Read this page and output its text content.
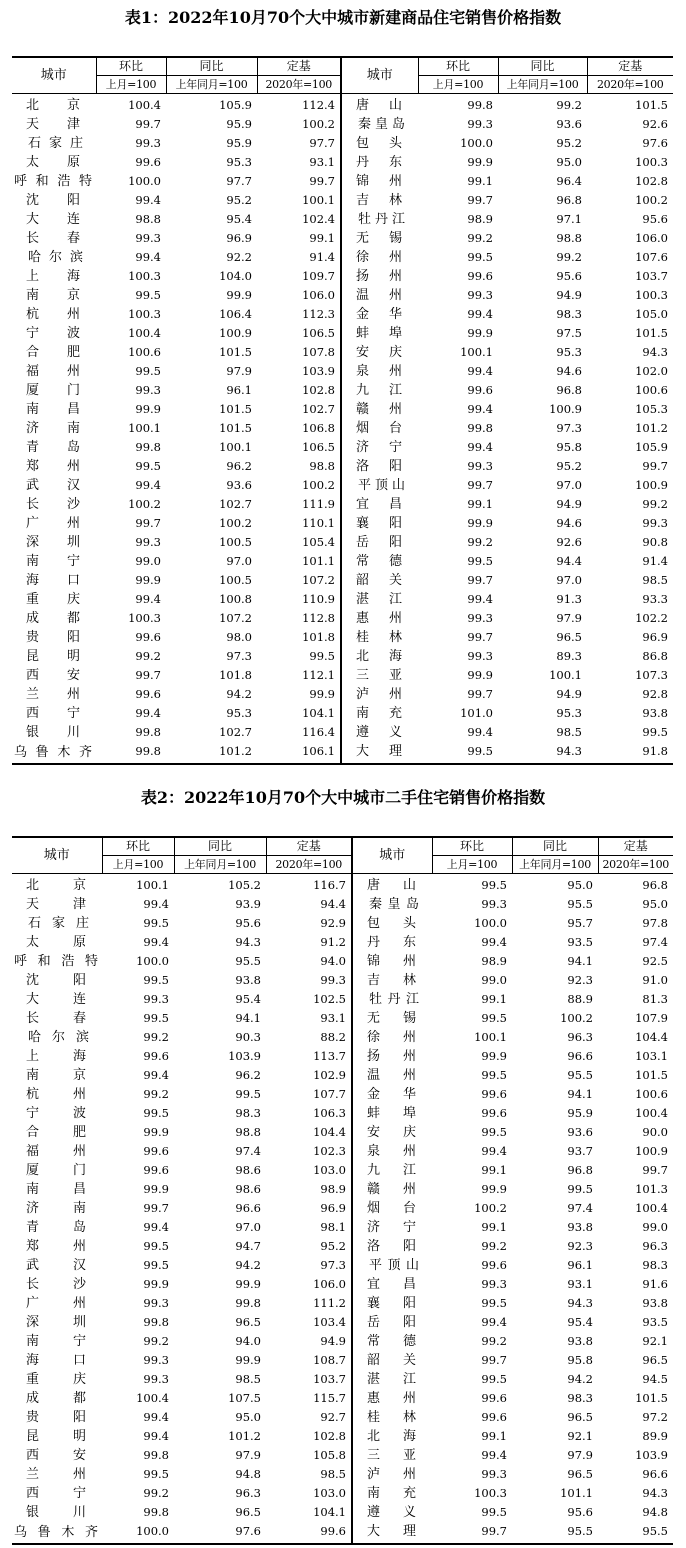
表1：2022年10月70个大中城市新建商品住宅销售价格指数
城市	环比	同比	定基	城市	环比	同比	定基
	上月=100	上年同月=100	2020年=100		上月=100	上年同月=100	2020年=100
北京	100.4	105.9	112.4	唐山	99.8	99.2	101.5
天津	99.7	95.9	100.2	秦皇岛	99.3	93.6	92.6
石家庄	99.3	95.9	97.7	包头	100.0	95.2	97.6
太原	99.6	95.3	93.1	丹东	99.9	95.0	100.3
呼和浩特	100.0	97.7	99.7	锦州	99.1	96.4	102.8
沈阳	99.4	95.2	100.1	吉林	99.7	96.8	100.2
大连	98.8	95.4	102.4	牡丹江	98.9	97.1	95.6
长春	99.3	96.9	99.1	无锡	99.2	98.8	106.0
哈尔滨	99.4	92.2	91.4	徐州	99.5	99.2	107.6
上海	100.3	104.0	109.7	扬州	99.6	95.6	103.7
南京	99.5	99.9	106.0	温州	99.3	94.9	100.3
杭州	100.3	106.4	112.3	金华	99.4	98.3	105.0
宁波	100.4	100.9	106.5	蚌埠	99.9	97.5	101.5
合肥	100.6	101.5	107.8	安庆	100.1	95.3	94.3
福州	99.5	97.9	103.9	泉州	99.4	94.6	102.0
厦门	99.3	96.1	102.8	九江	99.6	96.8	100.6
南昌	99.9	101.5	102.7	赣州	99.4	100.9	105.3
济南	100.1	101.5	106.8	烟台	99.8	97.3	101.2
青岛	99.8	100.1	106.5	济宁	99.4	95.8	105.9
郑州	99.5	96.2	98.8	洛阳	99.3	95.2	99.7
武汉	99.4	93.6	100.2	平顶山	99.7	97.0	100.9
长沙	100.2	102.7	111.9	宜昌	99.1	94.9	99.2
广州	99.7	100.2	110.1	襄阳	99.9	94.6	99.3
深圳	99.3	100.5	105.4	岳阳	99.2	92.6	90.8
南宁	99.0	97.0	101.1	常德	99.5	94.4	91.4
海口	99.9	100.5	107.2	韶关	99.7	97.0	98.5
重庆	99.4	100.8	110.9	湛江	99.4	91.3	93.3
成都	100.3	107.2	112.8	惠州	99.3	97.9	102.2
贵阳	99.6	98.0	101.8	桂林	99.7	96.5	96.9
昆明	99.2	97.3	99.5	北海	99.3	89.3	86.8
西安	99.7	101.8	112.1	三亚	99.9	100.1	107.3
兰州	99.6	94.2	99.9	泸州	99.7	94.9	92.8
西宁	99.4	95.3	104.1	南充	101.0	95.3	93.8
银川	99.8	102.7	116.4	遵义	99.4	98.5	99.5
乌鲁木齐	99.8	101.2	106.1	大理	99.5	94.3	91.8
表2：2022年10月70个大中城市二手住宅销售价格指数
城市	环比	同比	定基	城市	环比	同比	定基
	上月=100	上年同月=100	2020年=100		上月=100	上年同月=100	2020年=100
北京	100.1	105.2	116.7	唐山	99.5	95.0	96.8
天津	99.4	93.9	94.4	秦皇岛	99.3	95.5	95.0
石家庄	99.5	95.6	92.9	包头	100.0	95.7	97.8
太原	99.4	94.3	91.2	丹东	99.4	93.5	97.4
呼和浩特	100.0	95.5	94.0	锦州	98.9	94.1	92.5
沈阳	99.5	93.8	99.3	吉林	99.0	92.3	91.0
大连	99.3	95.4	102.5	牡丹江	99.1	88.9	81.3
长春	99.5	94.1	93.1	无锡	99.5	100.2	107.9
哈尔滨	99.2	90.3	88.2	徐州	100.1	96.3	104.4
上海	99.6	103.9	113.7	扬州	99.9	96.6	103.1
南京	99.4	96.2	102.9	温州	99.5	95.5	101.5
杭州	99.2	99.5	107.7	金华	99.6	94.1	100.6
宁波	99.5	98.3	106.3	蚌埠	99.6	95.9	100.4
合肥	99.9	98.8	104.4	安庆	99.5	93.6	90.0
福州	99.6	97.4	102.3	泉州	99.4	93.7	100.9
厦门	99.6	98.6	103.0	九江	99.1	96.8	99.7
南昌	99.9	98.6	98.9	赣州	99.9	99.5	101.3
济南	99.7	96.6	96.9	烟台	100.2	97.4	100.4
青岛	99.4	97.0	98.1	济宁	99.1	93.8	99.0
郑州	99.5	94.7	95.2	洛阳	99.2	92.3	96.3
武汉	99.5	94.2	97.3	平顶山	99.6	96.1	98.3
长沙	99.9	99.9	106.0	宜昌	99.3	93.1	91.6
广州	99.3	99.8	111.2	襄阳	99.5	94.3	93.8
深圳	99.8	96.5	103.4	岳阳	99.4	95.4	93.5
南宁	99.2	94.0	94.9	常德	99.2	93.8	92.1
海口	99.3	99.9	108.7	韶关	99.7	95.8	96.5
重庆	99.3	98.5	103.7	湛江	99.5	94.2	94.5
成都	100.4	107.5	115.7	惠州	99.6	98.3	101.5
贵阳	99.4	95.0	92.7	桂林	99.6	96.5	97.2
昆明	99.4	101.2	102.8	北海	99.1	92.1	89.9
西安	99.8	97.9	105.8	三亚	99.4	97.9	103.9
兰州	99.5	94.8	98.5	泸州	99.3	96.5	96.6
西宁	99.2	96.3	103.0	南充	100.3	101.1	94.3
银川	99.8	96.5	104.1	遵义	99.5	95.6	94.8
乌鲁木齐	100.0	97.6	99.6	大理	99.7	95.5	95.5
